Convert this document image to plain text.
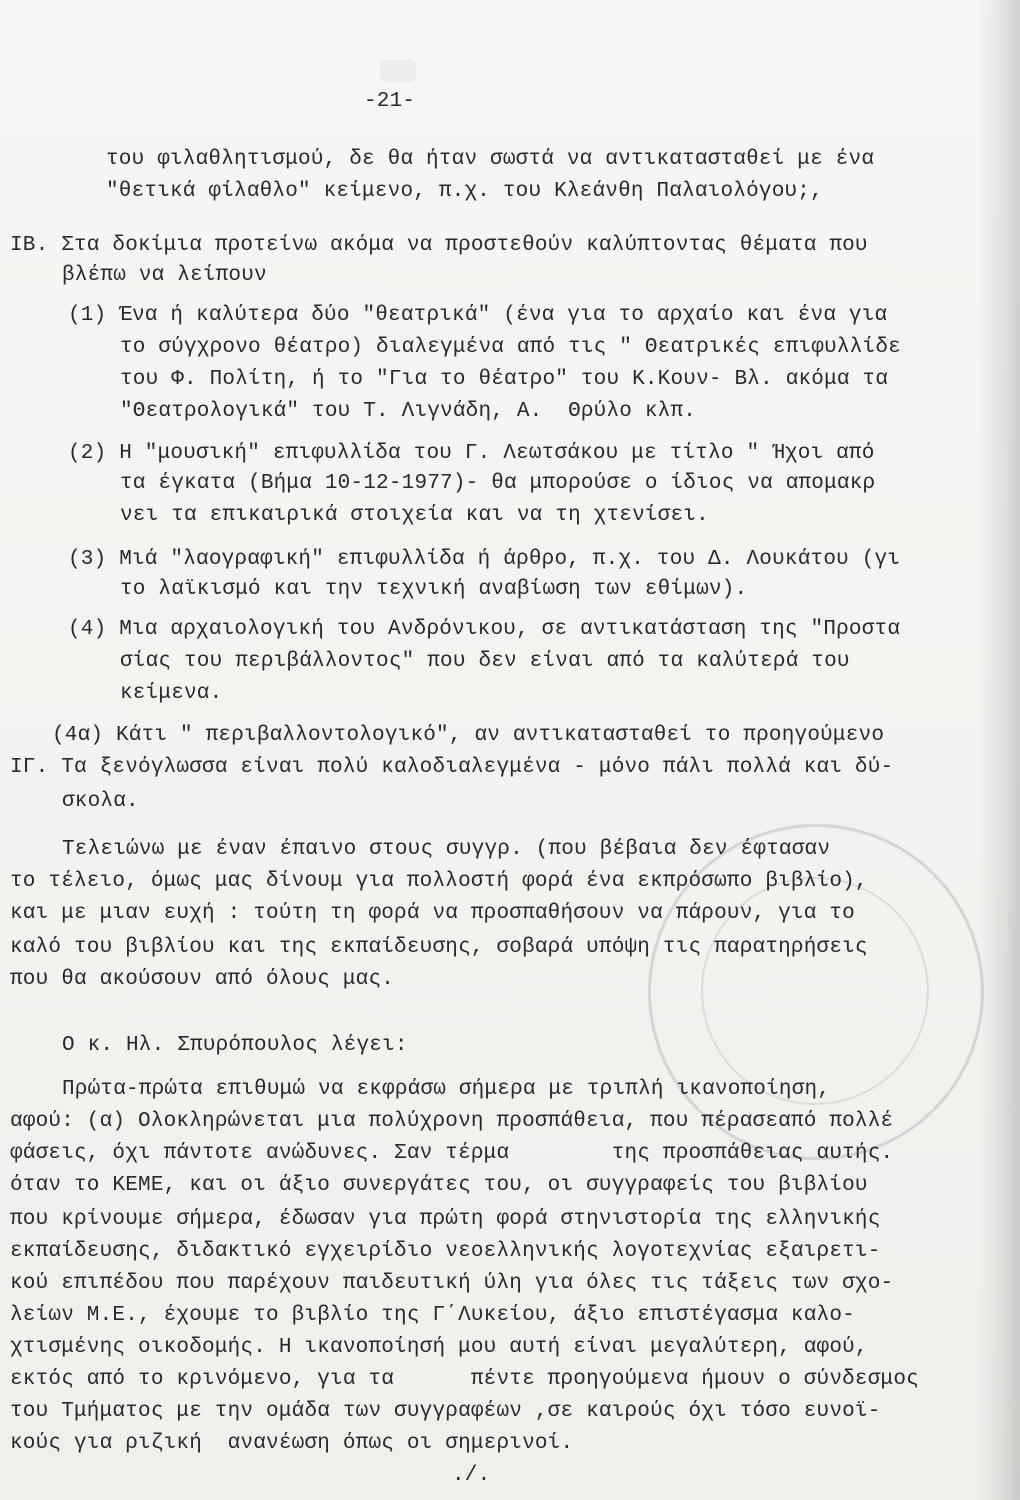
-21-
του φιλαθλητισμού, δε θα ήταν σωστά να αντικατασταθεί με ένα
"θετικά φίλαθλο" κείμενο, π.χ. του Κλεάνθη Παλαιολόγου;,
ΙΒ. Στα δοκίμια προτείνω ακόμα να προστεθούν καλύπτοντας θέματα που
βλέπω να λείπουν
(1) Ένα ή καλύτερα δύο "θεατρικά" (ένα για το αρχαίο και ένα για
το σύγχρονο θέατρο) διαλεγμένα από τις " Θεατρικές επιφυλλίδε
του Φ. Πολίτη, ή το "Για το θέατρο" του Κ.Κουν- Βλ. ακόμα τα
"Θεατρολογικά" του Τ. Λιγνάδη, Α.  Θρύλο κλπ.
(2) Η "μουσική" επιφυλλίδα του Γ. Λεωτσάκου με τίτλο " Ήχοι από
τα έγκατα (Βήμα 10-12-1977)- θα μπορούσε ο ίδιος να απομακρ
νει τα επικαιρικά στοιχεία και να τη χτενίσει.
(3) Μιά "λαογραφική" επιφυλλίδα ή άρθρο, π.χ. του Δ. Λουκάτου (γι
το λαϊκισμό και την τεχνική αναβίωση των εθίμων).
(4) Μια αρχαιολογική του Ανδρόνικου, σε αντικατάσταση της "Προστα
σίας του περιβάλλοντος" που δεν είναι από τα καλύτερά του
κείμενα.
(4α) Κάτι " περιβαλλοντολογικό", αν αντικατασταθεί το προηγούμενο
ΙΓ. Τα ξενόγλωσσα είναι πολύ καλοδιαλεγμένα - μόνο πάλι πολλά και δύ-
σκολα.
Τελειώνω με έναν έπαινο στους συγγρ. (που βέβαια δεν έφτασαν
το τέλειο, όμως μας δίνουμ για πολλοστή φορά ένα εκπρόσωπο βιβλίο),
και με μιαν ευχή : τούτη τη φορά να προσπαθήσουν να πάρουν, για το
καλό του βιβλίου και της εκπαίδευσης, σοβαρά υπόψη τις παρατηρήσεις
που θα ακούσουν από όλους μας.
Ο κ. Ηλ. Σπυρόπουλος λέγει:
Πρώτα-πρώτα επιθυμώ να εκφράσω σήμερα με τριπλή ικανοποίηση,
αφού: (α) Ολοκληρώνεται μια πολύχρονη προσπάθεια, που πέρασεαπό πολλέ
φάσεις, όχι πάντοτε ανώδυνες. Σαν τέρμα        της προσπάθειας αυτής.
όταν το ΚΕΜΕ, και οι άξιο συνεργάτες του, οι συγγραφείς του βιβλίου
που κρίνουμε σήμερα, έδωσαν για πρώτη φορά στηνιστορία της ελληνικής
εκπαίδευσης, διδακτικό εγχειρίδιο νεοελληνικής λογοτεχνίας εξαιρετι-
κού επιπέδου που παρέχουν παιδευτική ύλη για όλες τις τάξεις των σχο-
λείων Μ.Ε., έχουμε το βιβλίο της Γ΄Λυκείου, άξιο επιστέγασμα καλο-
χτισμένης οικοδομής. Η ικανοποίησή μου αυτή είναι μεγαλύτερη, αφού,
εκτός από το κρινόμενο, για τα      πέντε προηγούμενα ήμουν ο σύνδεσμος
του Τμήματος με την ομάδα των συγγραφέων ,σε καιρούς όχι τόσο ευνοϊ-
κούς για ριζική  ανανέωση όπως οι σημερινοί.
./.
